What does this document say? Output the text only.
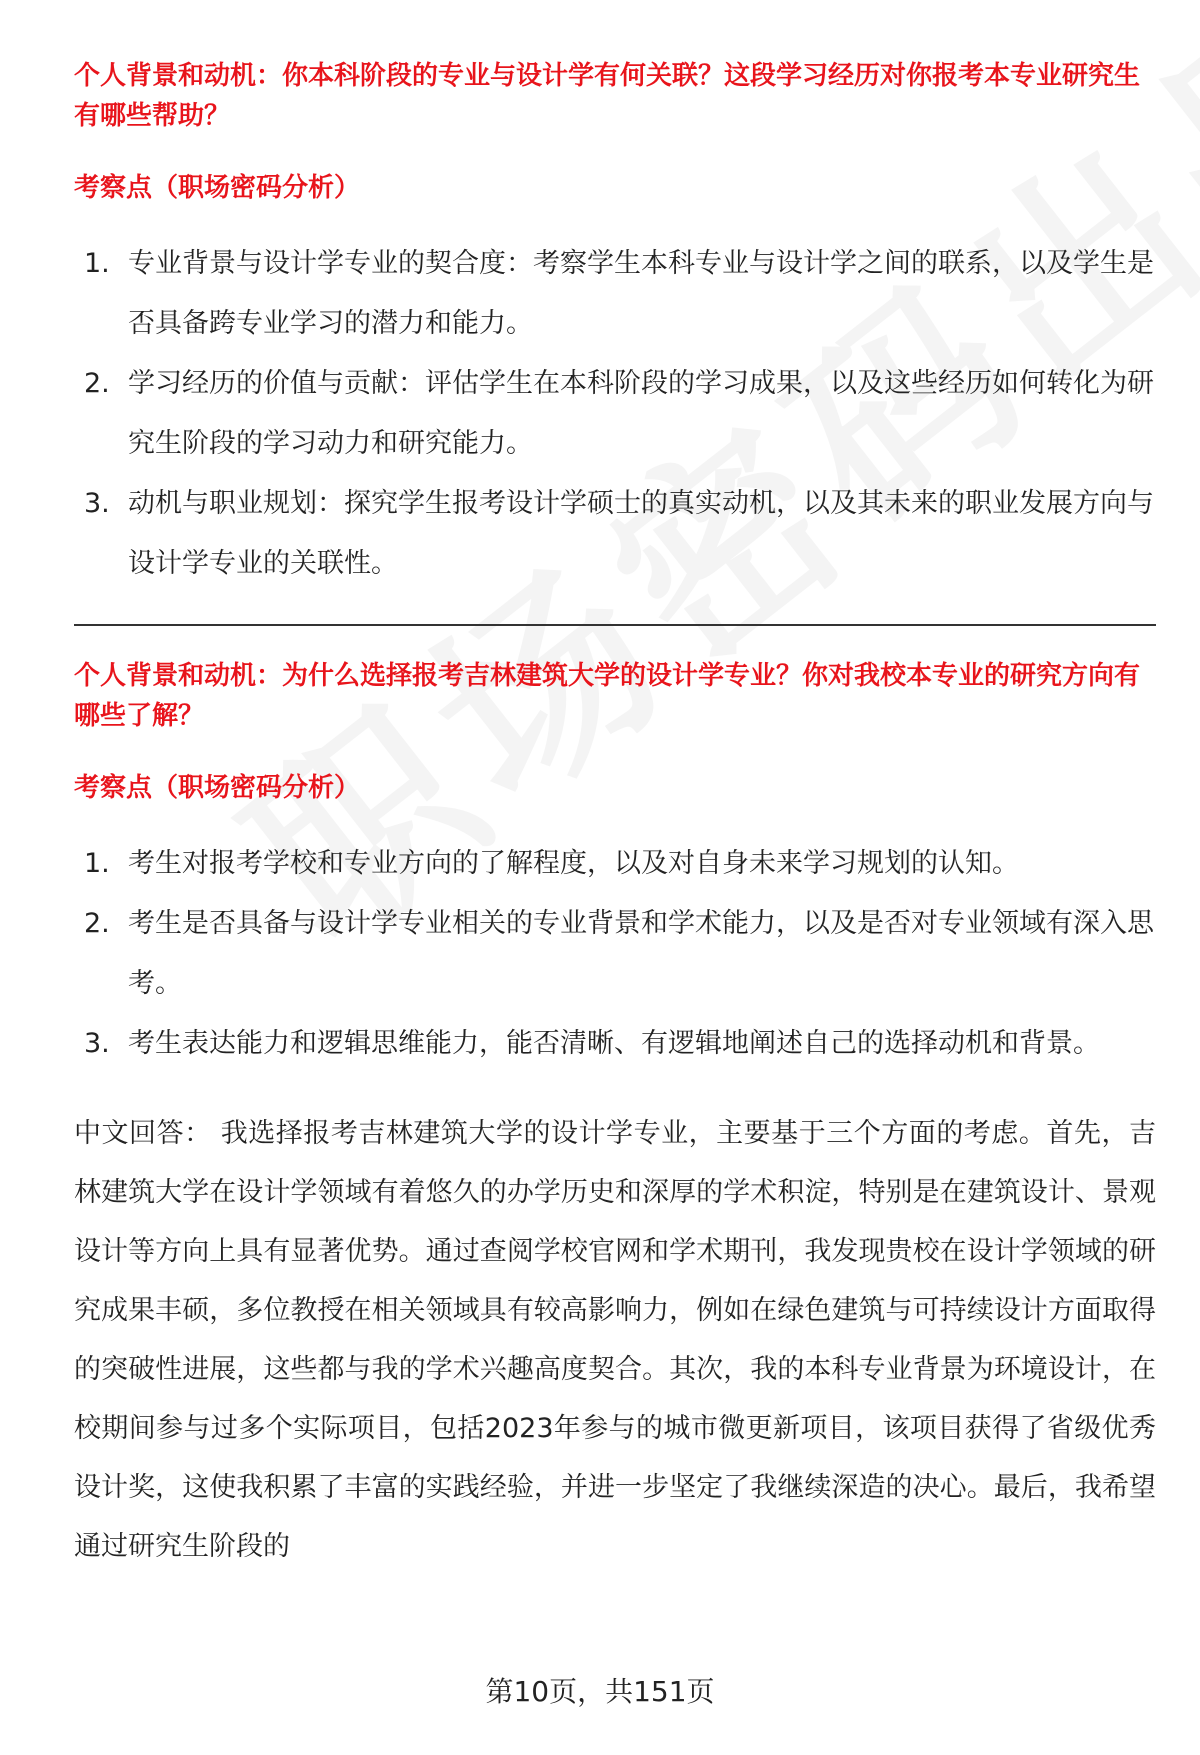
个人背景和动机：你本科阶段的专业与设计学有何关联？这段学习经历对你报考本专业研究生有哪些帮助？

考察点（职场密码分析）

1. 专业背景与设计学专业的契合度：考察学生本科专业与设计学之间的联系，以及学生是否具备跨专业学习的潜力和能力。
2. 学习经历的价值与贡献：评估学生在本科阶段的学习成果，以及这些经历如何转化为研究生阶段的学习动力和研究能力。
3. 动机与职业规划：探究学生报考设计学硕士的真实动机，以及其未来的职业发展方向与设计学专业的关联性。

个人背景和动机：为什么选择报考吉林建筑大学的设计学专业？你对我校本专业的研究方向有哪些了解？

考察点（职场密码分析）

1. 考生对报考学校和专业方向的了解程度，以及对自身未来学习规划的认知。
2. 考生是否具备与设计学专业相关的专业背景和学术能力，以及是否对专业领域有深入思考。
3. 考生表达能力和逻辑思维能力，能否清晰、有逻辑地阐述自己的选择动机和背景。

中文回答： 我选择报考吉林建筑大学的设计学专业，主要基于三个方面的考虑。首先，吉林建筑大学在设计学领域有着悠久的办学历史和深厚的学术积淀，特别是在建筑设计、景观设计等方向上具有显著优势。通过查阅学校官网和学术期刊，我发现贵校在设计学领域的研究成果丰硕，多位教授在相关领域具有较高影响力，例如在绿色建筑与可持续设计方面取得的突破性进展，这些都与我的学术兴趣高度契合。其次，我的本科专业背景为环境设计，在校期间参与过多个实际项目，包括2023年参与的城市微更新项目，该项目获得了省级优秀设计奖，这使我积累了丰富的实践经验，并进一步坚定了我继续深造的决心。最后，我希望通过研究生阶段的

第10页，共151页
